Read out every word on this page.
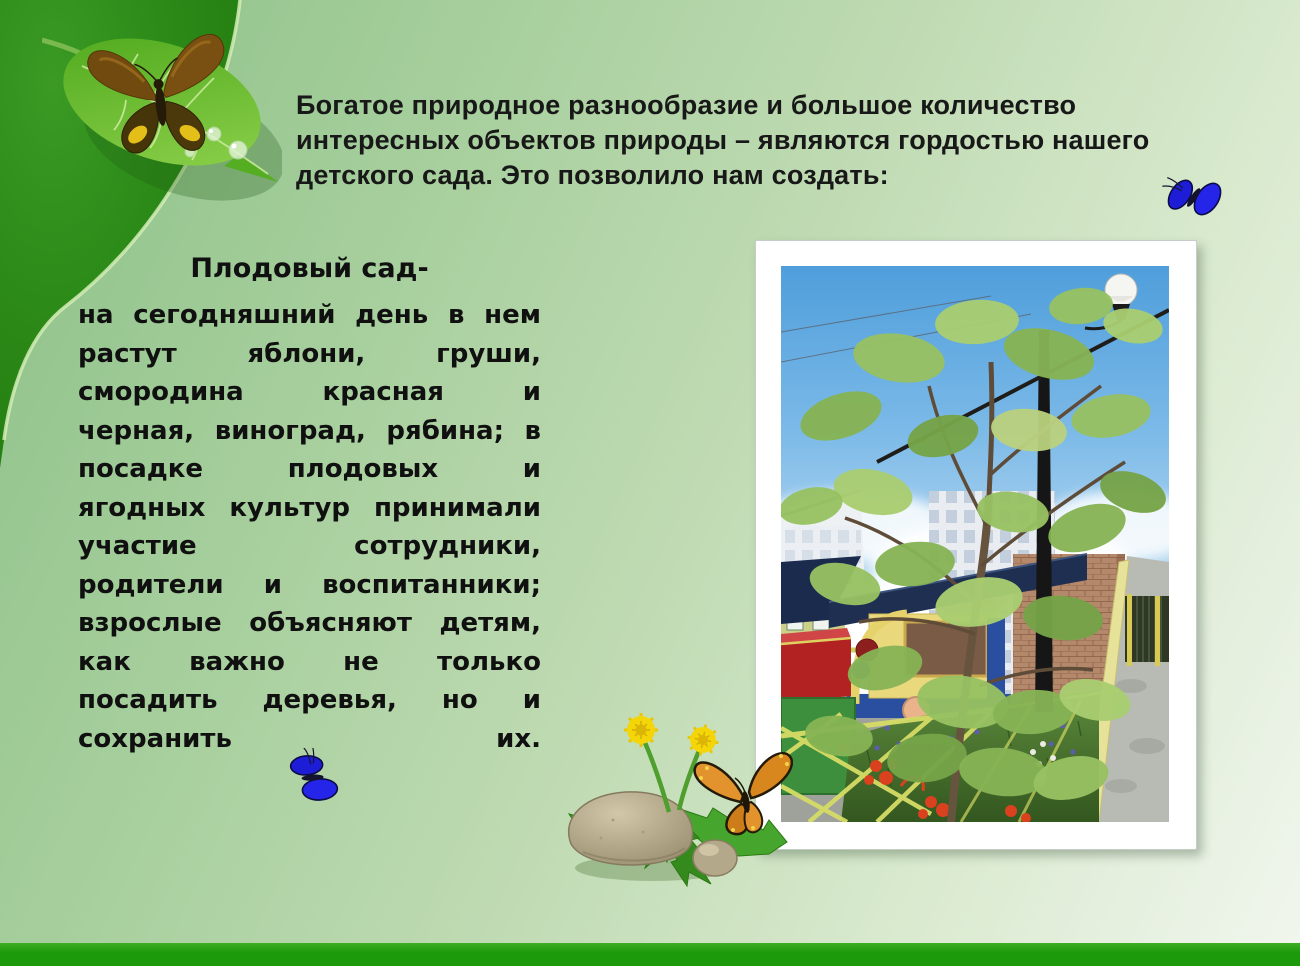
Богатое природное разнообразие и большое количество
интересных объектов природы – являются гордостью нашего
детского сада. Это позволило нам создать:
Плодовый сад-
на сегодняшний день в нем
растут	яблони,	груши,
смородина	красная	и
черная, виноград, рябина; в
посадке	плодовых	и
ягодных культур принимали
участие	сотрудники,
родители и воспитанники;
взрослые объясняют детям,
как важно не только
посадить деревья, но и
сохранить	их.
